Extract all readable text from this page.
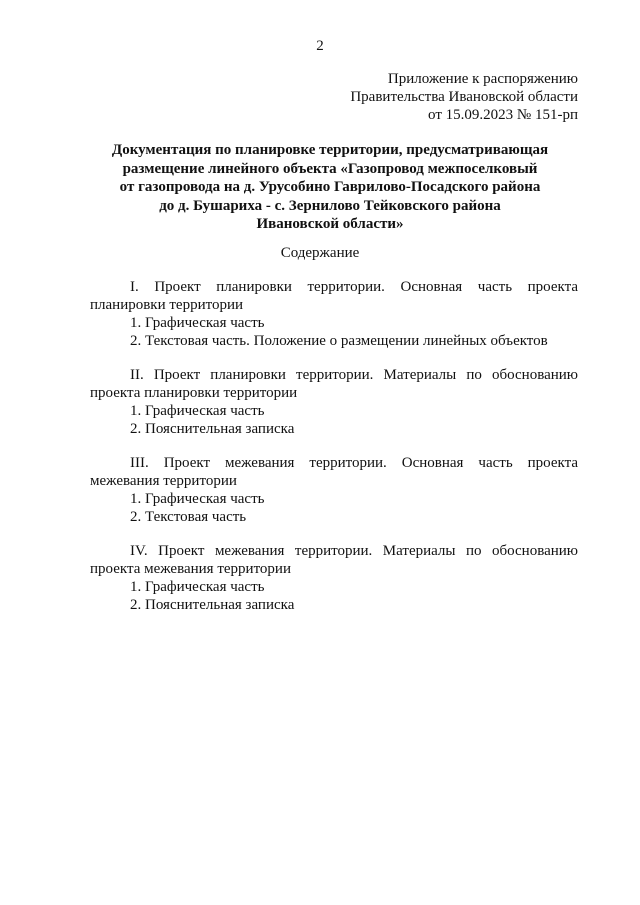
2
Приложение к распоряжению
Правительства Ивановской области
от 15.09.2023 № 151-рп
Документация по планировке территории, предусматривающая
размещение линейного объекта «Газопровод межпоселковый
от газопровода на д. Урусобино Гаврилово-Посадского района
до д. Бушариха - с. Зернилово Тейковского района
Ивановской области»
Содержание
I. Проект планировки территории. Основная часть проекта планировки территории
1. Графическая часть
2. Текстовая часть. Положение о размещении линейных объектов
II. Проект планировки территории. Материалы по обоснованию проекта планировки территории
1. Графическая часть
2. Пояснительная записка
III. Проект межевания территории. Основная часть проекта межевания территории
1. Графическая часть
2. Текстовая часть
IV. Проект межевания территории. Материалы по обоснованию проекта межевания территории
1. Графическая часть
2. Пояснительная записка
